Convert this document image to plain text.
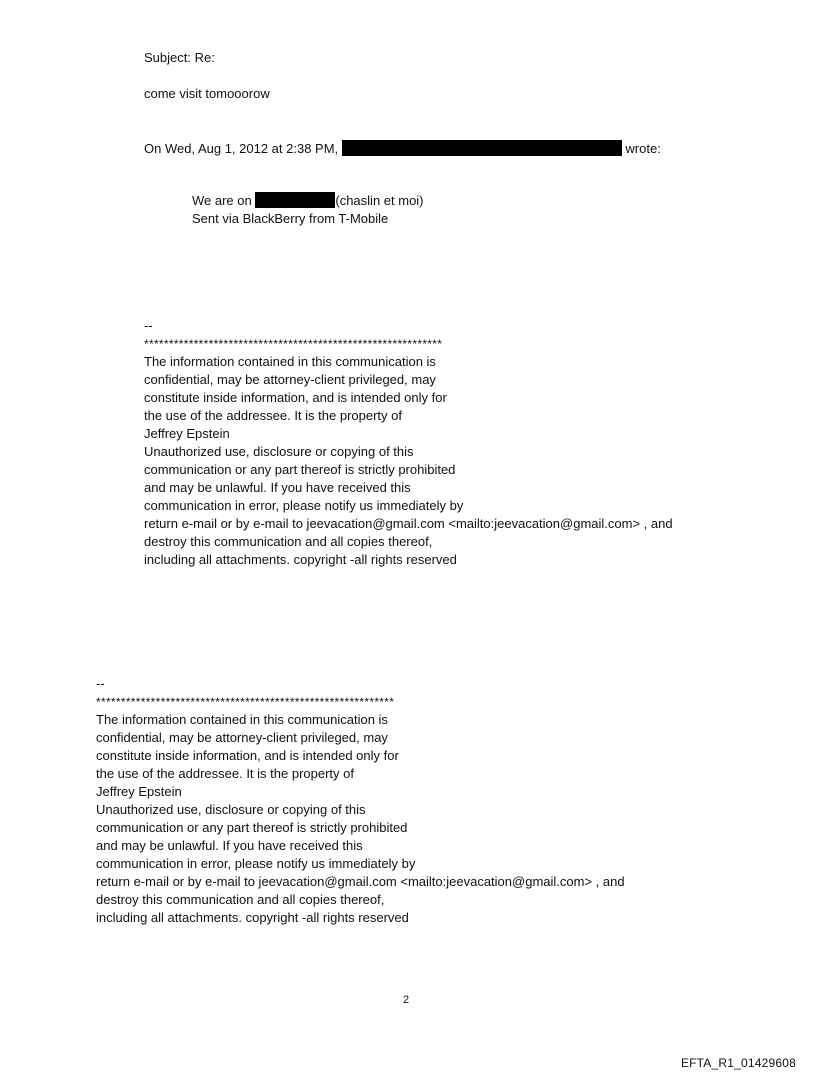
Subject: Re:
come visit tomooorow
On Wed, Aug 1, 2012 at 2:38 PM,	wrote:
We are on	(chaslin et moi)
Sent via BlackBerry from T-Mobile
--
************************************************************
The information contained in this communication is
confidential, may be attorney-client privileged, may
constitute inside information, and is intended only for
the use of the addressee. It is the property of
Jeffrey Epstein
Unauthorized use, disclosure or copying of this
communication or any part thereof is strictly prohibited
and may be unlawful. If you have received this
communication in error, please notify us immediately by
return e-mail or by e-mail to jeevacation@gmail.com <mailto:jeevacation@gmail.com> , and
destroy this communication and all copies thereof,
including all attachments. copyright -all rights reserved
--
************************************************************
The information contained in this communication is
confidential, may be attorney-client privileged, may
constitute inside information, and is intended only for
the use of the addressee. It is the property of
Jeffrey Epstein
Unauthorized use, disclosure or copying of this
communication or any part thereof is strictly prohibited
and may be unlawful. If you have received this
communication in error, please notify us immediately by
return e-mail or by e-mail to jeevacation@gmail.com <mailto:jeevacation@gmail.com> , and
destroy this communication and all copies thereof,
including all attachments. copyright -all rights reserved
2
EFTA_R1_01429608
